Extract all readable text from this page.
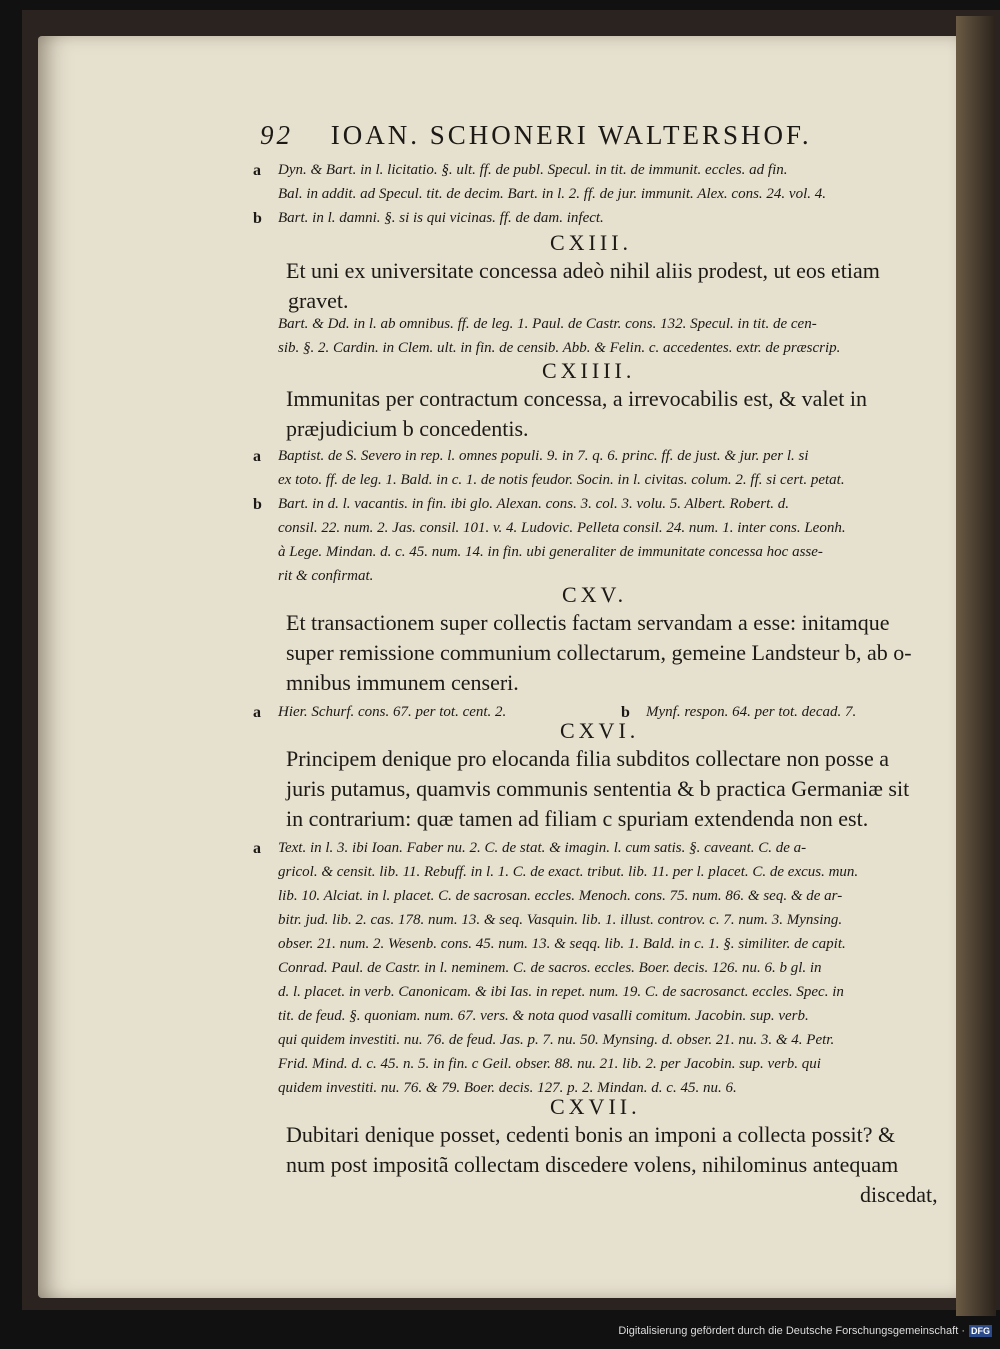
92 IOAN. SCHONERI WALTERSHOF.
a Dyn. & Bart. in l. licitatio. §. ult. ff. de publ. Specul. in tit. de immunit. eccles. ad fin.
Bal. in addit. ad Specul. tit. de decim. Bart. in l. 2. ff. de jur. immunit. Alex. cons. 24. vol. 4.
b Bart. in l. damni. §. si is qui vicinas. ff. de dam. infect.
CXIII.
Et uni ex universitate concessa adeò nihil aliis prodest, ut eos etiam
gravet.
Bart. & Dd. in l. ab omnibus. ff. de leg. 1. Paul. de Castr. cons. 132. Specul. in tit. de cen-
sib. §. 2. Cardin. in Clem. ult. in fin. de censib. Abb. & Felin. c. accedentes. extr. de præscrip.
CXIIII.
Immunitas per contractum concessa, a irrevocabilis est, & valet in
præjudicium b concedentis.
a Baptist. de S. Severo in rep. l. omnes populi. 9. in 7. q. 6. princ. ff. de just. & jur. per l. si
ex toto. ff. de leg. 1. Bald. in c. 1. de notis feudor. Socin. in l. civitas. colum. 2. ff. si cert. petat.
b Bart. in d. l. vacantis. in fin. ibi glo. Alexan. cons. 3. col. 3. volu. 5. Albert. Robert. d.
consil. 22. num. 2. Jas. consil. 101. v. 4. Ludovic. Pelleta consil. 24. num. 1. inter cons. Leonh.
à Lege. Mindan. d. c. 45. num. 14. in fin. ubi generaliter de immunitate concessa hoc asse-
rit & confirmat.
CXV.
Et transactionem super collectis factam servandam a esse: initamque
super remissione communium collectarum, gemeine Landsteur b, ab o-
mnibus immunem censeri.
a Hier. Schurf. cons. 67. per tot. cent. 2.	b Mynf. respon. 64. per tot. decad. 7.
CXVI.
Principem denique pro elocanda filia subditos collectare non posse a
juris putamus, quamvis communis sententia & b practica Germaniæ sit
in contrarium: quæ tamen ad filiam c spuriam extendenda non est.
a Text. in l. 3. ibi Ioan. Faber nu. 2. C. de stat. & imagin. l. cum satis. §. caveant. C. de a-
gricol. & censit. lib. 11. Rebuff. in l. 1. C. de exact. tribut. lib. 11. per l. placet. C. de excus. mun.
lib. 10. Alciat. in l. placet. C. de sacrosan. eccles. Menoch. cons. 75. num. 86. & seq. & de ar-
bitr. jud. lib. 2. cas. 178. num. 13. & seq. Vasquin. lib. 1. illust. controv. c. 7. num. 3. Mynsing.
obser. 21. num. 2. Wesenb. cons. 45. num. 13. & seqq. lib. 1. Bald. in c. 1. §. similiter. de capit.
Conrad. Paul. de Castr. in l. neminem. C. de sacros. eccles. Boer. decis. 126. nu. 6. b gl. in
d. l. placet. in verb. Canonicam. & ibi Ias. in repet. num. 19. C. de sacrosanct. eccles. Spec. in
tit. de feud. §. quoniam. num. 67. vers. & nota quod vasalli comitum. Jacobin. sup. verb.
qui quidem investiti. nu. 76. de feud. Jas. p. 7. nu. 50. Mynsing. d. obser. 21. nu. 3. & 4. Petr.
Frid. Mind. d. c. 45. n. 5. in fin. c Geil. obser. 88. nu. 21. lib. 2. per Jacobin. sup. verb. qui
quidem investiti. nu. 76. & 79. Boer. decis. 127. p. 2. Mindan. d. c. 45. nu. 6.
CXVII.
Dubitari denique posset, cedenti bonis an imponi a collecta possit? &
num post impositã collectam discedere volens, nihilominus antequam
discedat,
Digitalisierung gefördert durch die Deutsche Forschungsgemeinschaft · DFG
